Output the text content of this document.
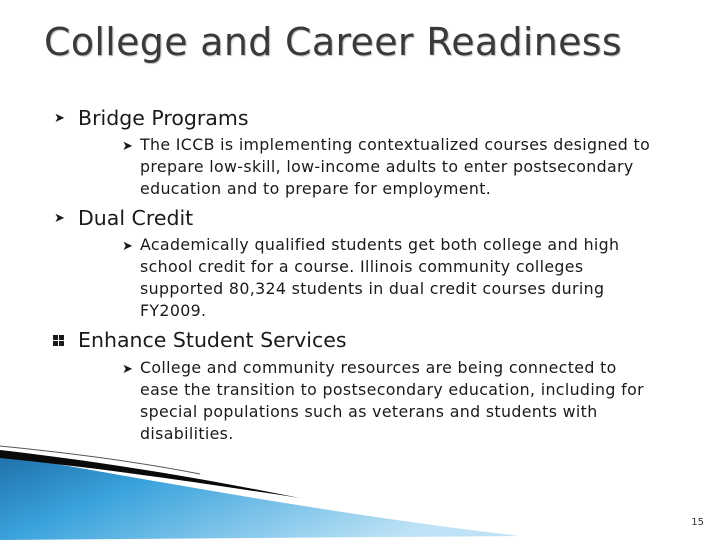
College and Career Readiness
➤ Bridge Programs
➤ The ICCB is implementing contextualized courses designed to
prepare low-skill, low-income adults to enter postsecondary
education and to prepare for employment.
➤ Dual Credit
➤ Academically qualified students get both college and high
school credit for a course. Illinois community colleges
supported 80,324 students in dual credit courses during
FY2009.
Enhance Student Services
➤ College and community resources are being connected to
ease the transition to postsecondary education, including for
special populations such as veterans and students with
disabilities.
15
